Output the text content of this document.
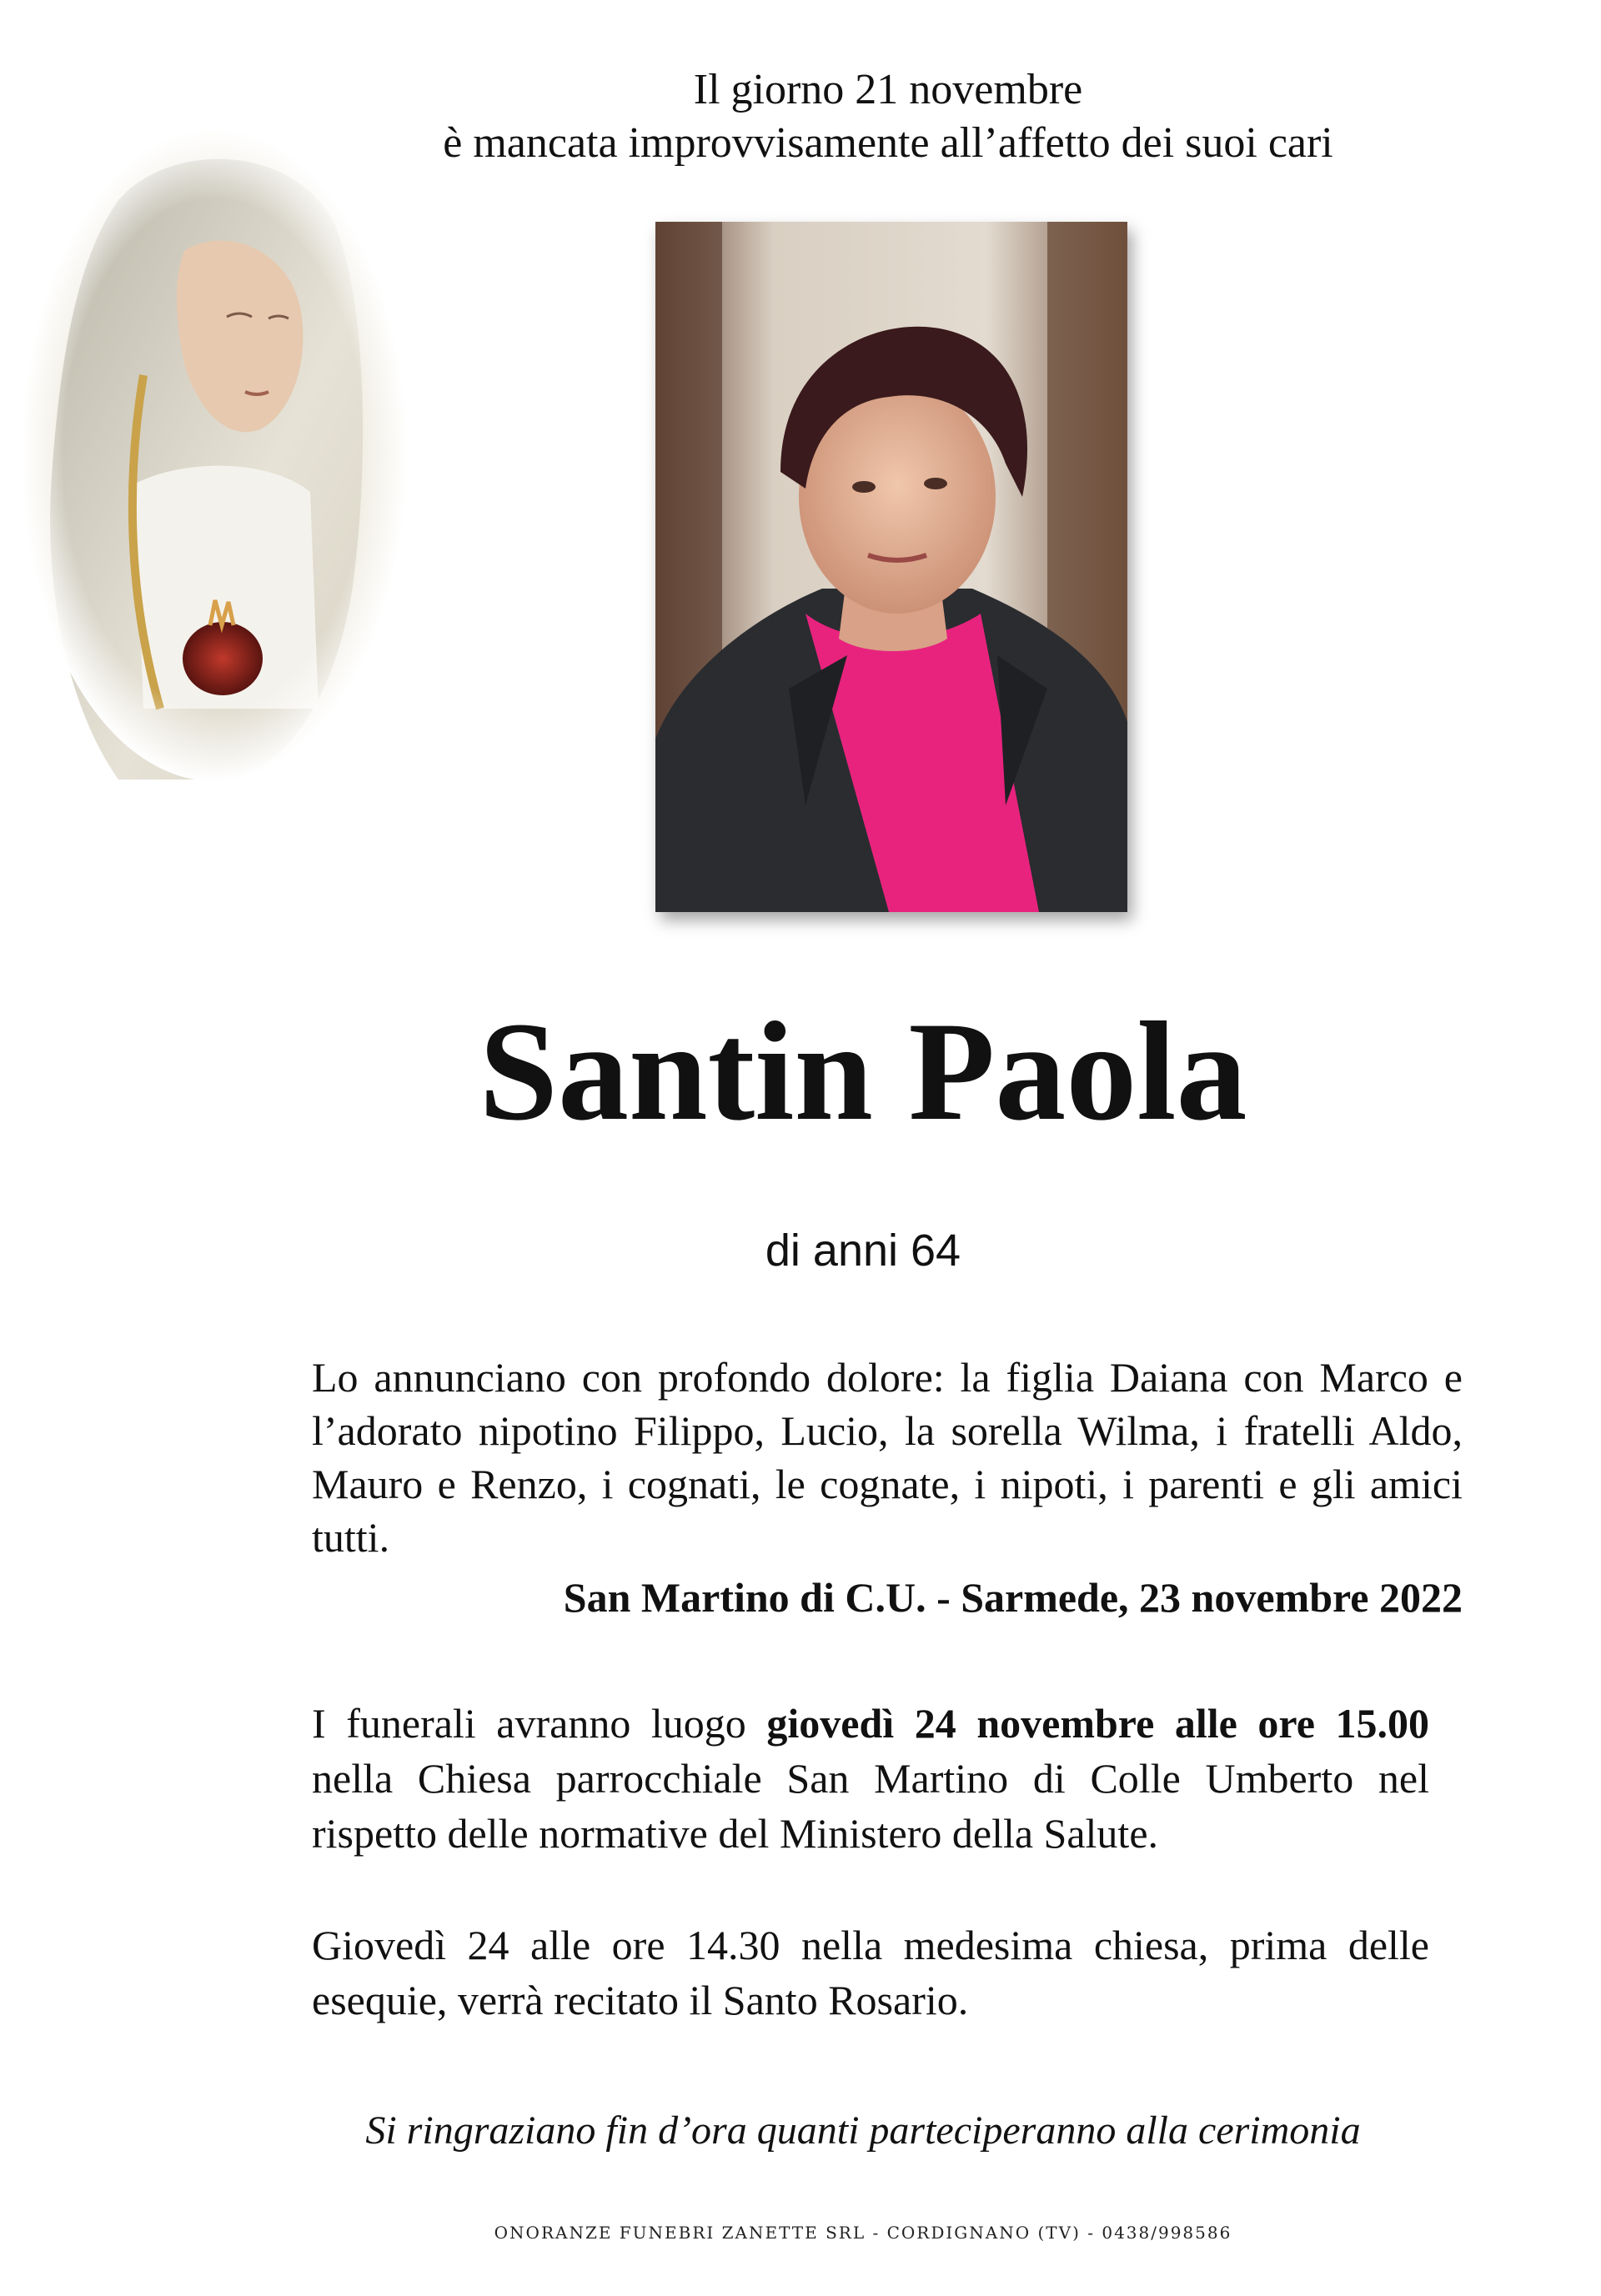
Il giorno 21 novembre
è mancata improvvisamente all’affetto dei suoi cari
Santin Paola
di anni 64
Lo annunciano con profondo dolore: la figlia Daiana con Marco e l’adorato nipotino Filippo, Lucio, la sorella Wilma, i fratelli Aldo, Mauro e Renzo, i cognati, le cognate, i nipoti, i parenti e gli amici tutti.
San Martino di C.U. - Sarmede, 23 novembre 2022
I funerali avranno luogo giovedì 24 novembre alle ore 15.00 nella Chiesa parrocchiale San Martino di Colle Umberto nel rispetto delle normative del Ministero della Salute.
Giovedì 24 alle ore 14.30 nella medesima chiesa, prima delle esequie, verrà recitato il Santo Rosario.
Si ringraziano fin d’ora quanti parteciperanno alla cerimonia
ONORANZE FUNEBRI ZANETTE SRL - CORDIGNANO (TV) - 0438/998586
